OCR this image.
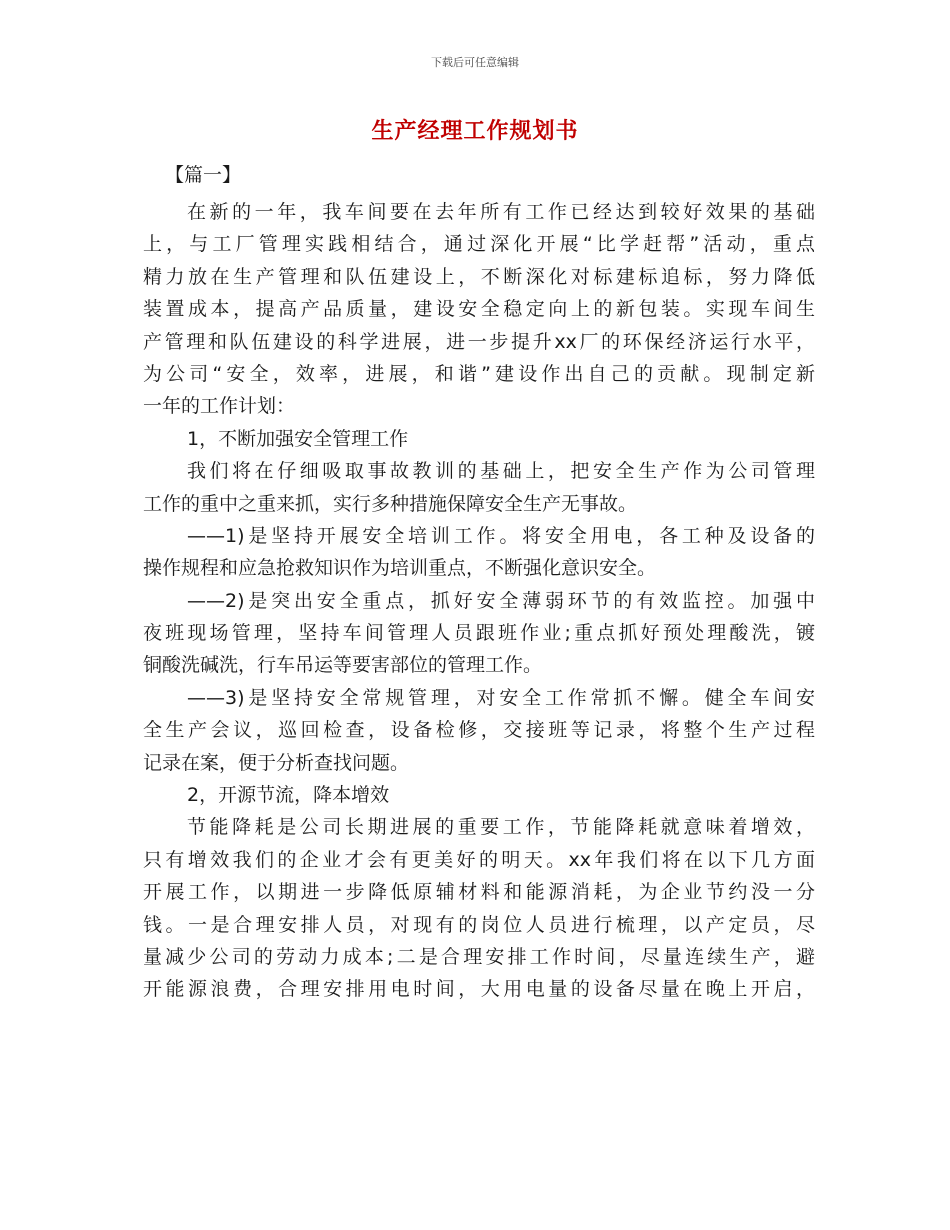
下载后可任意编辑
生产经理工作规划书
【篇一】
在新的一年，我车间要在去年所有工作已经达到较好效果的基础
上，与工厂管理实践相结合，通过深化开展“比学赶帮”活动，重点
精力放在生产管理和队伍建设上，不断深化对标建标追标，努力降低
装置成本，提高产品质量，建设安全稳定向上的新包装。实现车间生
产管理和队伍建设的科学进展，进一步提升xx厂的环保经济运行水平，
为公司“安全，效率，进展，和谐”建设作出自己的贡献。现制定新
一年的工作计划：
1，不断加强安全管理工作
我们将在仔细吸取事故教训的基础上，把安全生产作为公司管理
工作的重中之重来抓，实行多种措施保障安全生产无事故。
——1)是坚持开展安全培训工作。将安全用电，各工种及设备的
操作规程和应急抢救知识作为培训重点，不断强化意识安全。
——2)是突出安全重点，抓好安全薄弱环节的有效监控。加强中
夜班现场管理，坚持车间管理人员跟班作业;重点抓好预处理酸洗，镀
铜酸洗碱洗，行车吊运等要害部位的管理工作。
——3)是坚持安全常规管理，对安全工作常抓不懈。健全车间安
全生产会议，巡回检查，设备检修，交接班等记录，将整个生产过程
记录在案，便于分析查找问题。
2，开源节流，降本增效
节能降耗是公司长期进展的重要工作，节能降耗就意味着增效，
只有增效我们的企业才会有更美好的明天。xx年我们将在以下几方面
开展工作，以期进一步降低原辅材料和能源消耗，为企业节约没一分
钱。一是合理安排人员，对现有的岗位人员进行梳理，以产定员，尽
量减少公司的劳动力成本;二是合理安排工作时间，尽量连续生产，避
开能源浪费，合理安排用电时间，大用电量的设备尽量在晚上开启，
